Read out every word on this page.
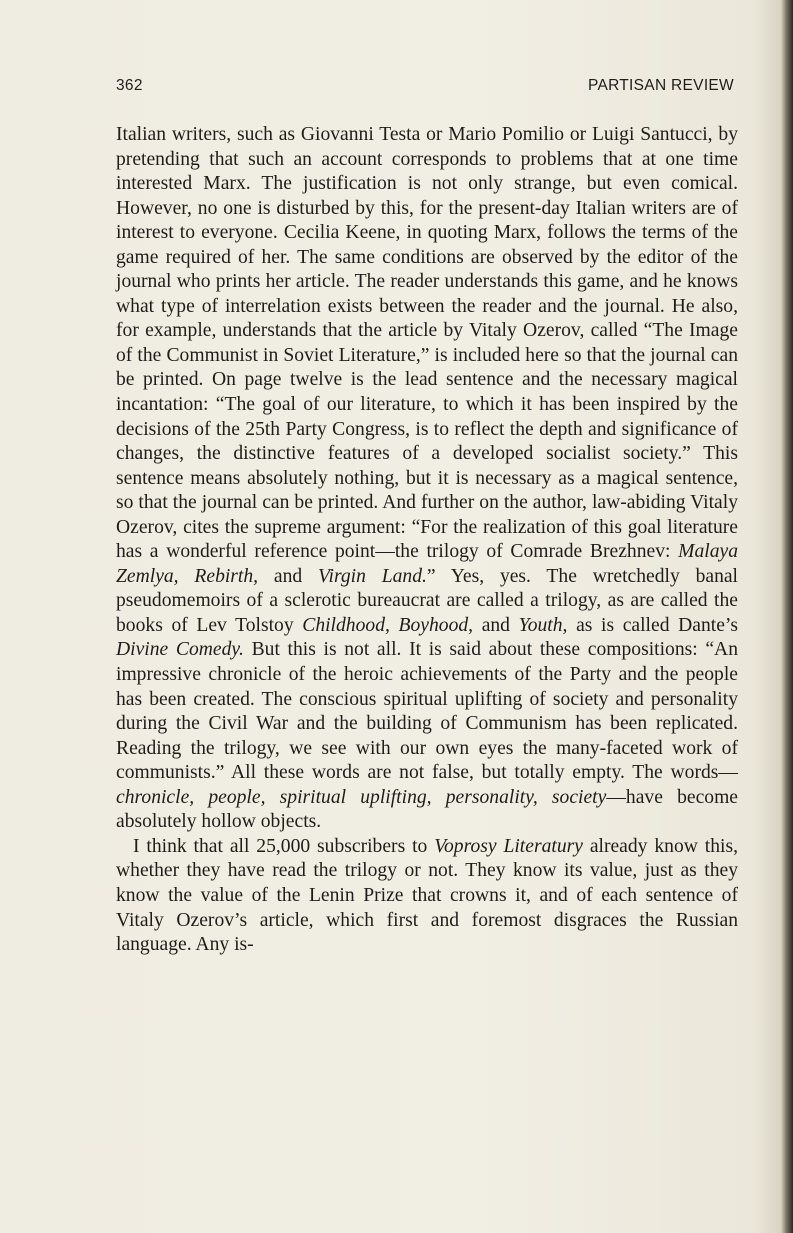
362	PARTISAN REVIEW

Italian writers, such as Giovanni Testa or Mario Pomilio or Luigi Santucci, by pretending that such an account corresponds to problems that at one time interested Marx. The justification is not only strange, but even comical. However, no one is disturbed by this, for the present-day Italian writers are of interest to everyone. Cecilia Keene, in quoting Marx, follows the terms of the game required of her. The same conditions are observed by the editor of the journal who prints her article. The reader understands this game, and he knows what type of interrelation exists between the reader and the journal. He also, for example, understands that the article by Vitaly Ozerov, called “The Image of the Communist in Soviet Literature,” is included here so that the journal can be printed. On page twelve is the lead sentence and the necessary magical incantation: “The goal of our literature, to which it has been inspired by the decisions of the 25th Party Congress, is to reflect the depth and significance of changes, the distinctive features of a developed socialist society.” This sentence means absolutely nothing, but it is necessary as a magical sentence, so that the journal can be printed. And further on the author, law-abiding Vitaly Ozerov, cites the supreme argument: “For the realization of this goal literature has a wonderful reference point—the trilogy of Comrade Brezhnev: Malaya Zemlya, Rebirth, and Virgin Land.” Yes, yes. The wretchedly banal pseudomemoirs of a sclerotic bureaucrat are called a trilogy, as are called the books of Lev Tolstoy Childhood, Boyhood, and Youth, as is called Dante’s Divine Comedy. But this is not all. It is said about these compositions: “An impressive chronicle of the heroic achievements of the Party and the people has been created. The conscious spiritual uplifting of society and personality during the Civil War and the building of Communism has been replicated. Reading the trilogy, we see with our own eyes the many-faceted work of communists.” All these words are not false, but totally empty. The words—chronicle, people, spiritual uplifting, personality, society—have become absolutely hollow objects.

I think that all 25,000 subscribers to Voprosy Literatury already know this, whether they have read the trilogy or not. They know its value, just as they know the value of the Lenin Prize that crowns it, and of each sentence of Vitaly Ozerov’s article, which first and foremost disgraces the Russian language. Any is-
